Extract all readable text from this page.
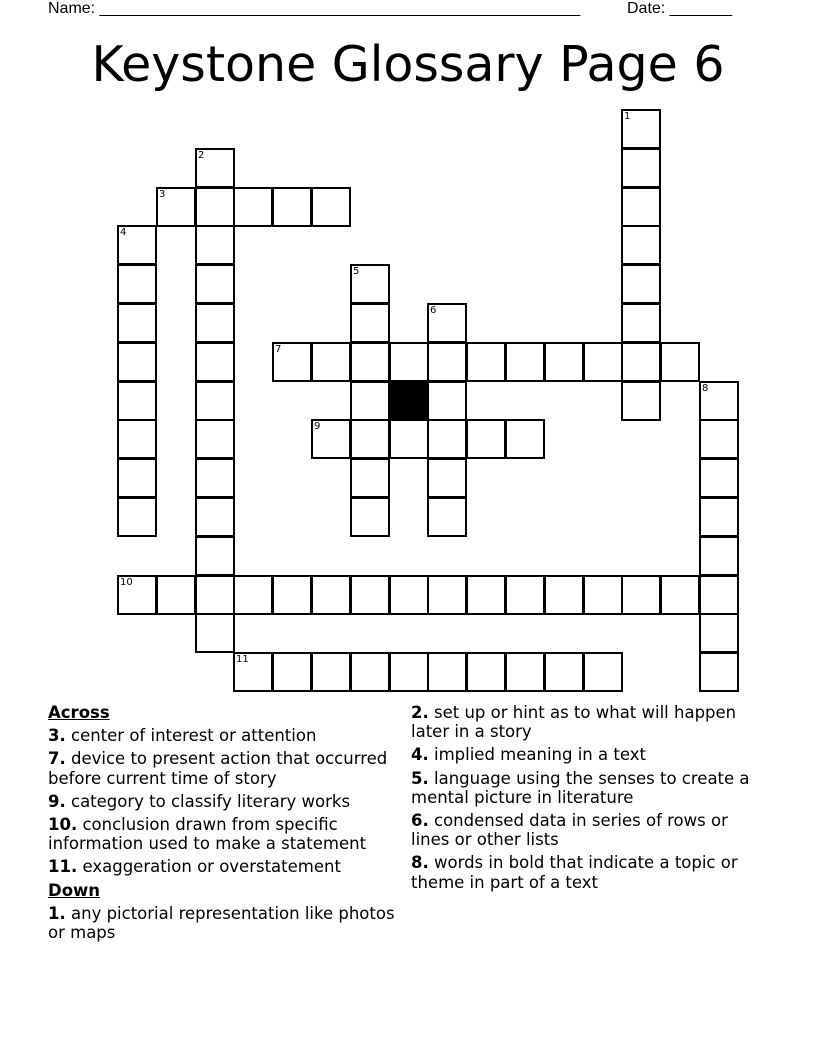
Name: ______________________________________________________	Date: _______
Keystone Glossary Page 6
1
2
3
4
5
6
7
8
9
10
11
Across
3. center of interest or attention
7. device to present action that occurred before current time of story
9. category to classify literary works
10. conclusion drawn from specific information used to make a statement
11. exaggeration or overstatement
Down
1. any pictorial representation like photos or maps
2. set up or hint as to what will happen later in a story
4. implied meaning in a text
5. language using the senses to create a mental picture in literature
6. condensed data in series of rows or lines or other lists
8. words in bold that indicate a topic or theme in part of a text
